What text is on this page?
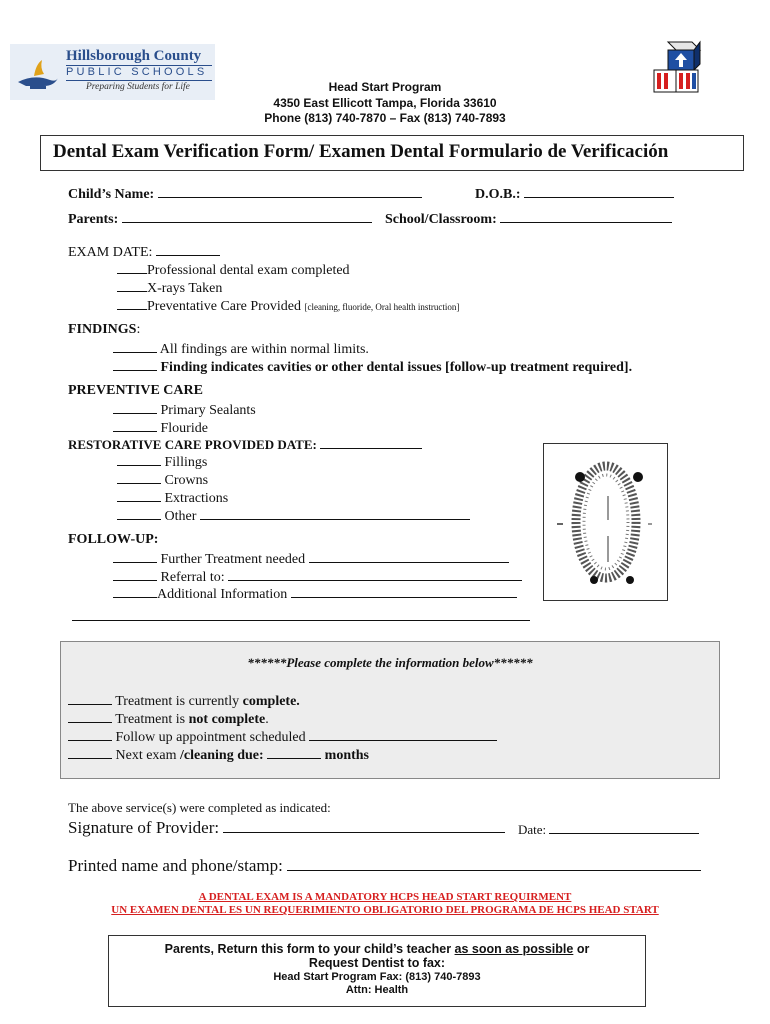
Hillsborough County
PUBLIC SCHOOLS
Preparing Students for Life	Head Start Program
4350 East Ellicott Tampa, Florida 33610
Phone (813) 740-7870 – Fax (813) 740-7893
Dental Exam Verification Form/ Examen Dental Formulario de Verificación
Child’s Name:	D.O.B.:
Parents:	School/Classroom:
EXAM DATE:
Professional dental exam completed
X-rays Taken
Preventative Care Provided [cleaning, fluoride, Oral health instruction]
FINDINGS:
All findings are within normal limits.
Finding indicates cavities or other dental issues [follow-up treatment required].
PREVENTIVE CARE
Primary Sealants
Flouride
RESTORATIVE CARE PROVIDED DATE:
Fillings
Crowns
Extractions
Other
FOLLOW-UP:
Further Treatment needed
Referral to:
Additional Information
******Please complete the information below******
Treatment is currently complete.
Treatment is not complete.
Follow up appointment scheduled
Next exam /cleaning due:	months
The above service(s) were completed as indicated:
Signature of Provider:	Date:
Printed name and phone/stamp:
A DENTAL EXAM IS A MANDATORY HCPS HEAD START REQUIRMENT
UN EXAMEN DENTAL ES UN REQUERIMIENTO OBLIGATORIO DEL PROGRAMA DE HCPS HEAD START
Parents, Return this form to your child’s teacher as soon as possible or
Request Dentist to fax:
Head Start Program Fax: (813) 740-7893
Attn: Health
